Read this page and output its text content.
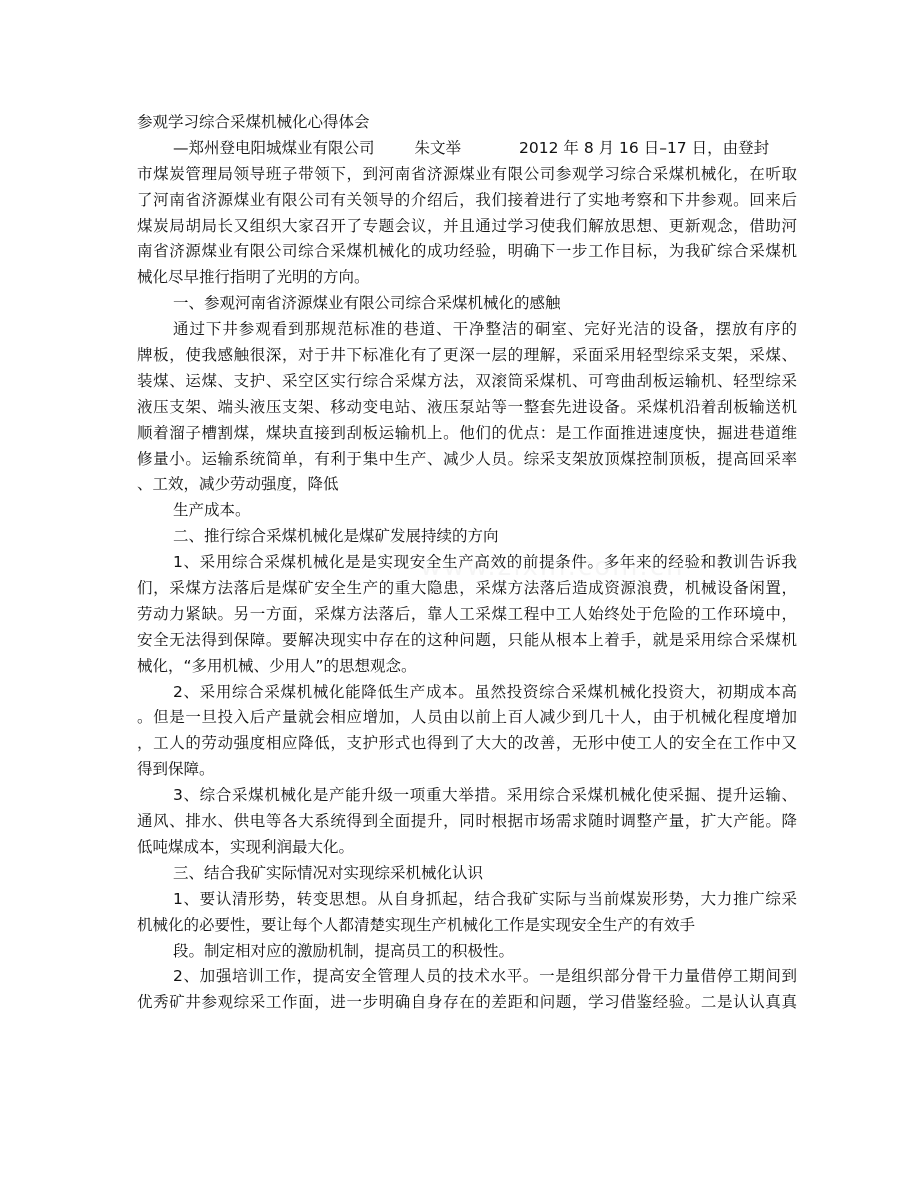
参观学习综合采煤机械化心得体会
—郑州登电阳城煤业有限公司	朱文举	2012 年 8 月 16 日–17 日，由登封
市煤炭管理局领导班子带领下，到河南省济源煤业有限公司参观学习综合采煤机械化，在听取
了河南省济源煤业有限公司有关领导的介绍后，我们接着进行了实地考察和下井参观。回来后
煤炭局胡局长又组织大家召开了专题会议，并且通过学习使我们解放思想、更新观念，借助河
南省济源煤业有限公司综合采煤机械化的成功经验，明确下一步工作目标，为我矿综合采煤机
械化尽早推行指明了光明的方向。
一、参观河南省济源煤业有限公司综合采煤机械化的感触
通过下井参观看到那规范标准的巷道、干净整洁的硐室、完好光洁的设备，摆放有序的
牌板，使我感触很深，对于井下标准化有了更深一层的理解，采面采用轻型综采支架，采煤、
装煤、运煤、支护、采空区实行综合采煤方法，双滚筒采煤机、可弯曲刮板运输机、轻型综采
液压支架、端头液压支架、移动变电站、液压泵站等一整套先进设备。采煤机沿着刮板输送机
顺着溜子槽割煤，煤块直接到刮板运输机上。他们的优点：是工作面推进速度快，掘进巷道维
修量小。运输系统简单，有利于集中生产、减少人员。综采支架放顶煤控制顶板，提高回采率
、工效，减少劳动强度，降低
生产成本。
二、推行综合采煤机械化是煤矿发展持续的方向
1、采用综合采煤机械化是是实现安全生产高效的前提条件。多年来的经验和教训告诉我
们，采煤方法落后是煤矿安全生产的重大隐患，采煤方法落后造成资源浪费，机械设备闲置，
劳动力紧缺。另一方面，采煤方法落后，靠人工采煤工程中工人始终处于危险的工作环境中，
安全无法得到保障。要解决现实中存在的这种问题，只能从根本上着手，就是采用综合采煤机
械化，“多用机械、少用人”的思想观念。
2、采用综合采煤机械化能降低生产成本。虽然投资综合采煤机械化投资大，初期成本高
。但是一旦投入后产量就会相应增加，人员由以前上百人减少到几十人，由于机械化程度增加
，工人的劳动强度相应降低，支护形式也得到了大大的改善，无形中使工人的安全在工作中又
得到保障。
3、综合采煤机械化是产能升级一项重大举措。采用综合采煤机械化使采掘、提升运输、
通风、排水、供电等各大系统得到全面提升，同时根据市场需求随时调整产量，扩大产能。降
低吨煤成本，实现利润最大化。
三、结合我矿实际情况对实现综采机械化认识
1、要认清形势，转变思想。从自身抓起，结合我矿实际与当前煤炭形势，大力推广综采
机械化的必要性，要让每个人都清楚实现生产机械化工作是实现安全生产的有效手
段。制定相对应的激励机制，提高员工的积极性。
2、加强培训工作，提高安全管理人员的技术水平。一是组织部分骨干力量借停工期间到
优秀矿井参观综采工作面，进一步明确自身存在的差距和问题，学习借鉴经验。二是认认真真
